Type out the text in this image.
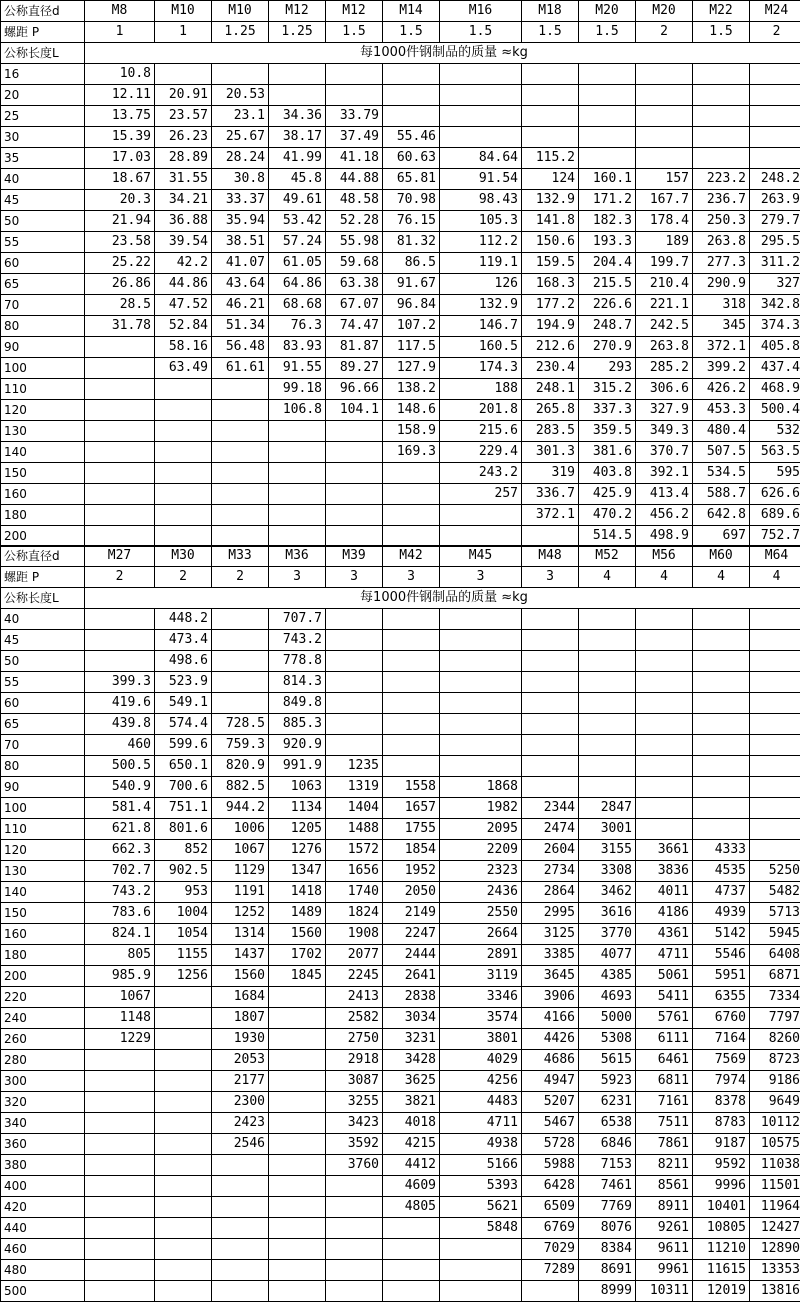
公称直径d	M8	M10	M10	M12	M12	M14	M16	M18	M20	M20	M22	M24
螺距 P	1	1	1.25	1.25	1.5	1.5	1.5	1.5	1.5	2	1.5	2
公称长度L	每1000件钢制品的质量 ≈kg											
16	10.8											
20	12.11	20.91	20.53									
25	13.75	23.57	23.1	34.36	33.79							
30	15.39	26.23	25.67	38.17	37.49	55.46						
35	17.03	28.89	28.24	41.99	41.18	60.63	84.64	115.2				
40	18.67	31.55	30.8	45.8	44.88	65.81	91.54	124	160.1	157	223.2	248.2
45	20.3	34.21	33.37	49.61	48.58	70.98	98.43	132.9	171.2	167.7	236.7	263.9
50	21.94	36.88	35.94	53.42	52.28	76.15	105.3	141.8	182.3	178.4	250.3	279.7
55	23.58	39.54	38.51	57.24	55.98	81.32	112.2	150.6	193.3	189	263.8	295.5
60	25.22	42.2	41.07	61.05	59.68	86.5	119.1	159.5	204.4	199.7	277.3	311.2
65	26.86	44.86	43.64	64.86	63.38	91.67	126	168.3	215.5	210.4	290.9	327
70	28.5	47.52	46.21	68.68	67.07	96.84	132.9	177.2	226.6	221.1	318	342.8
80	31.78	52.84	51.34	76.3	74.47	107.2	146.7	194.9	248.7	242.5	345	374.3
90		58.16	56.48	83.93	81.87	117.5	160.5	212.6	270.9	263.8	372.1	405.8
100		63.49	61.61	91.55	89.27	127.9	174.3	230.4	293	285.2	399.2	437.4
110				99.18	96.66	138.2	188	248.1	315.2	306.6	426.2	468.9
120				106.8	104.1	148.6	201.8	265.8	337.3	327.9	453.3	500.4
130						158.9	215.6	283.5	359.5	349.3	480.4	532
140						169.3	229.4	301.3	381.6	370.7	507.5	563.5
150							243.2	319	403.8	392.1	534.5	595
160							257	336.7	425.9	413.4	588.7	626.6
180								372.1	470.2	456.2	642.8	689.6
200									514.5	498.9	697	752.7
公称直径d	M27	M30	M33	M36	M39	M42	M45	M48	M52	M56	M60	M64
螺距 P	2	2	2	3	3	3	3	3	4	4	4	4
公称长度L	每1000件钢制品的质量 ≈kg											
40		448.2		707.7								
45		473.4		743.2								
50		498.6		778.8								
55	399.3	523.9		814.3								
60	419.6	549.1		849.8								
65	439.8	574.4	728.5	885.3								
70	460	599.6	759.3	920.9								
80	500.5	650.1	820.9	991.9	1235							
90	540.9	700.6	882.5	1063	1319	1558	1868					
100	581.4	751.1	944.2	1134	1404	1657	1982	2344	2847			
110	621.8	801.6	1006	1205	1488	1755	2095	2474	3001			
120	662.3	852	1067	1276	1572	1854	2209	2604	3155	3661	4333	
130	702.7	902.5	1129	1347	1656	1952	2323	2734	3308	3836	4535	5250
140	743.2	953	1191	1418	1740	2050	2436	2864	3462	4011	4737	5482
150	783.6	1004	1252	1489	1824	2149	2550	2995	3616	4186	4939	5713
160	824.1	1054	1314	1560	1908	2247	2664	3125	3770	4361	5142	5945
180	805	1155	1437	1702	2077	2444	2891	3385	4077	4711	5546	6408
200	985.9	1256	1560	1845	2245	2641	3119	3645	4385	5061	5951	6871
220	1067		1684		2413	2838	3346	3906	4693	5411	6355	7334
240	1148		1807		2582	3034	3574	4166	5000	5761	6760	7797
260	1229		1930		2750	3231	3801	4426	5308	6111	7164	8260
280			2053		2918	3428	4029	4686	5615	6461	7569	8723
300			2177		3087	3625	4256	4947	5923	6811	7974	9186
320			2300		3255	3821	4483	5207	6231	7161	8378	9649
340			2423		3423	4018	4711	5467	6538	7511	8783	10112
360			2546		3592	4215	4938	5728	6846	7861	9187	10575
380					3760	4412	5166	5988	7153	8211	9592	11038
400						4609	5393	6428	7461	8561	9996	11501
420						4805	5621	6509	7769	8911	10401	11964
440							5848	6769	8076	9261	10805	12427
460								7029	8384	9611	11210	12890
480								7289	8691	9961	11615	13353
500									8999	10311	12019	13816
